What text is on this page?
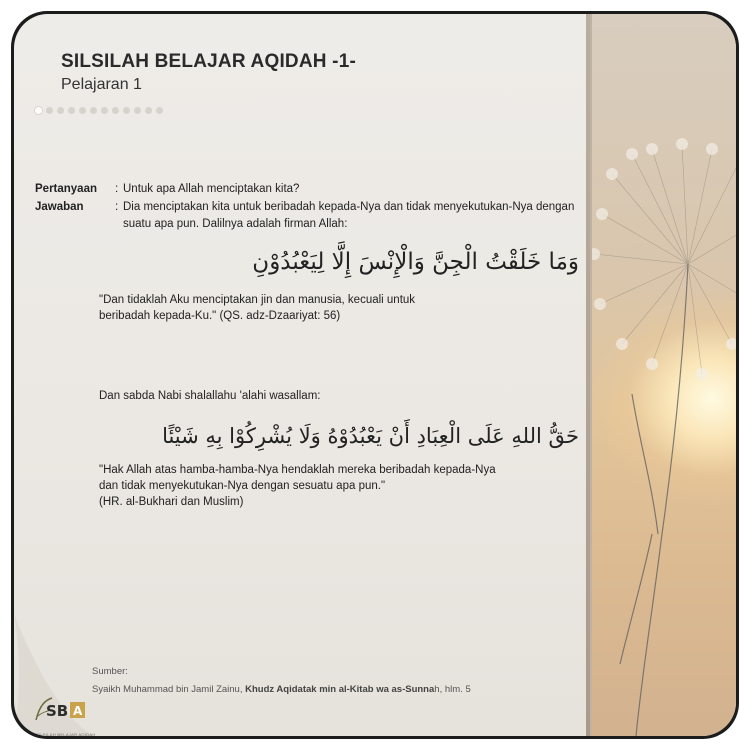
SILSILAH BELAJAR AQIDAH -1-
Pelajaran 1
Pertanyaan	: Untuk apa Allah menciptakan kita?
Jawaban	: Dia menciptakan kita untuk beribadah kepada-Nya dan tidak menyekutukan-Nya dengan suatu apa pun. Dalilnya adalah firman Allah:
وَمَا خَلَقْتُ الْجِنَّ وَالْإِنْسَ إِلَّا لِيَعْبُدُوْنِ
"Dan tidaklah Aku menciptakan jin dan manusia, kecuali untuk
beribadah kepada-Ku." (QS. adz-Dzaariyat: 56)
Dan sabda Nabi shalallahu 'alahi wasallam:
حَقُّ اللهِ عَلَى الْعِبَادِ أَنْ يَعْبُدُوْهُ وَلَا يُشْرِكُوْا بِهِ شَيْئًا
"Hak Allah atas hamba-hamba-Nya hendaklah mereka beribadah kepada-Nya
dan tidak menyekutukan-Nya dengan sesuatu apa pun."
(HR. al-Bukhari dan Muslim)
Sumber:
Syaikh Muhammad bin Jamil Zainu, Khudz Aqidatak min al-Kitab wa as-Sunnah, hlm. 5
SB A
SILSILAH BELAJAR AQIDAH
